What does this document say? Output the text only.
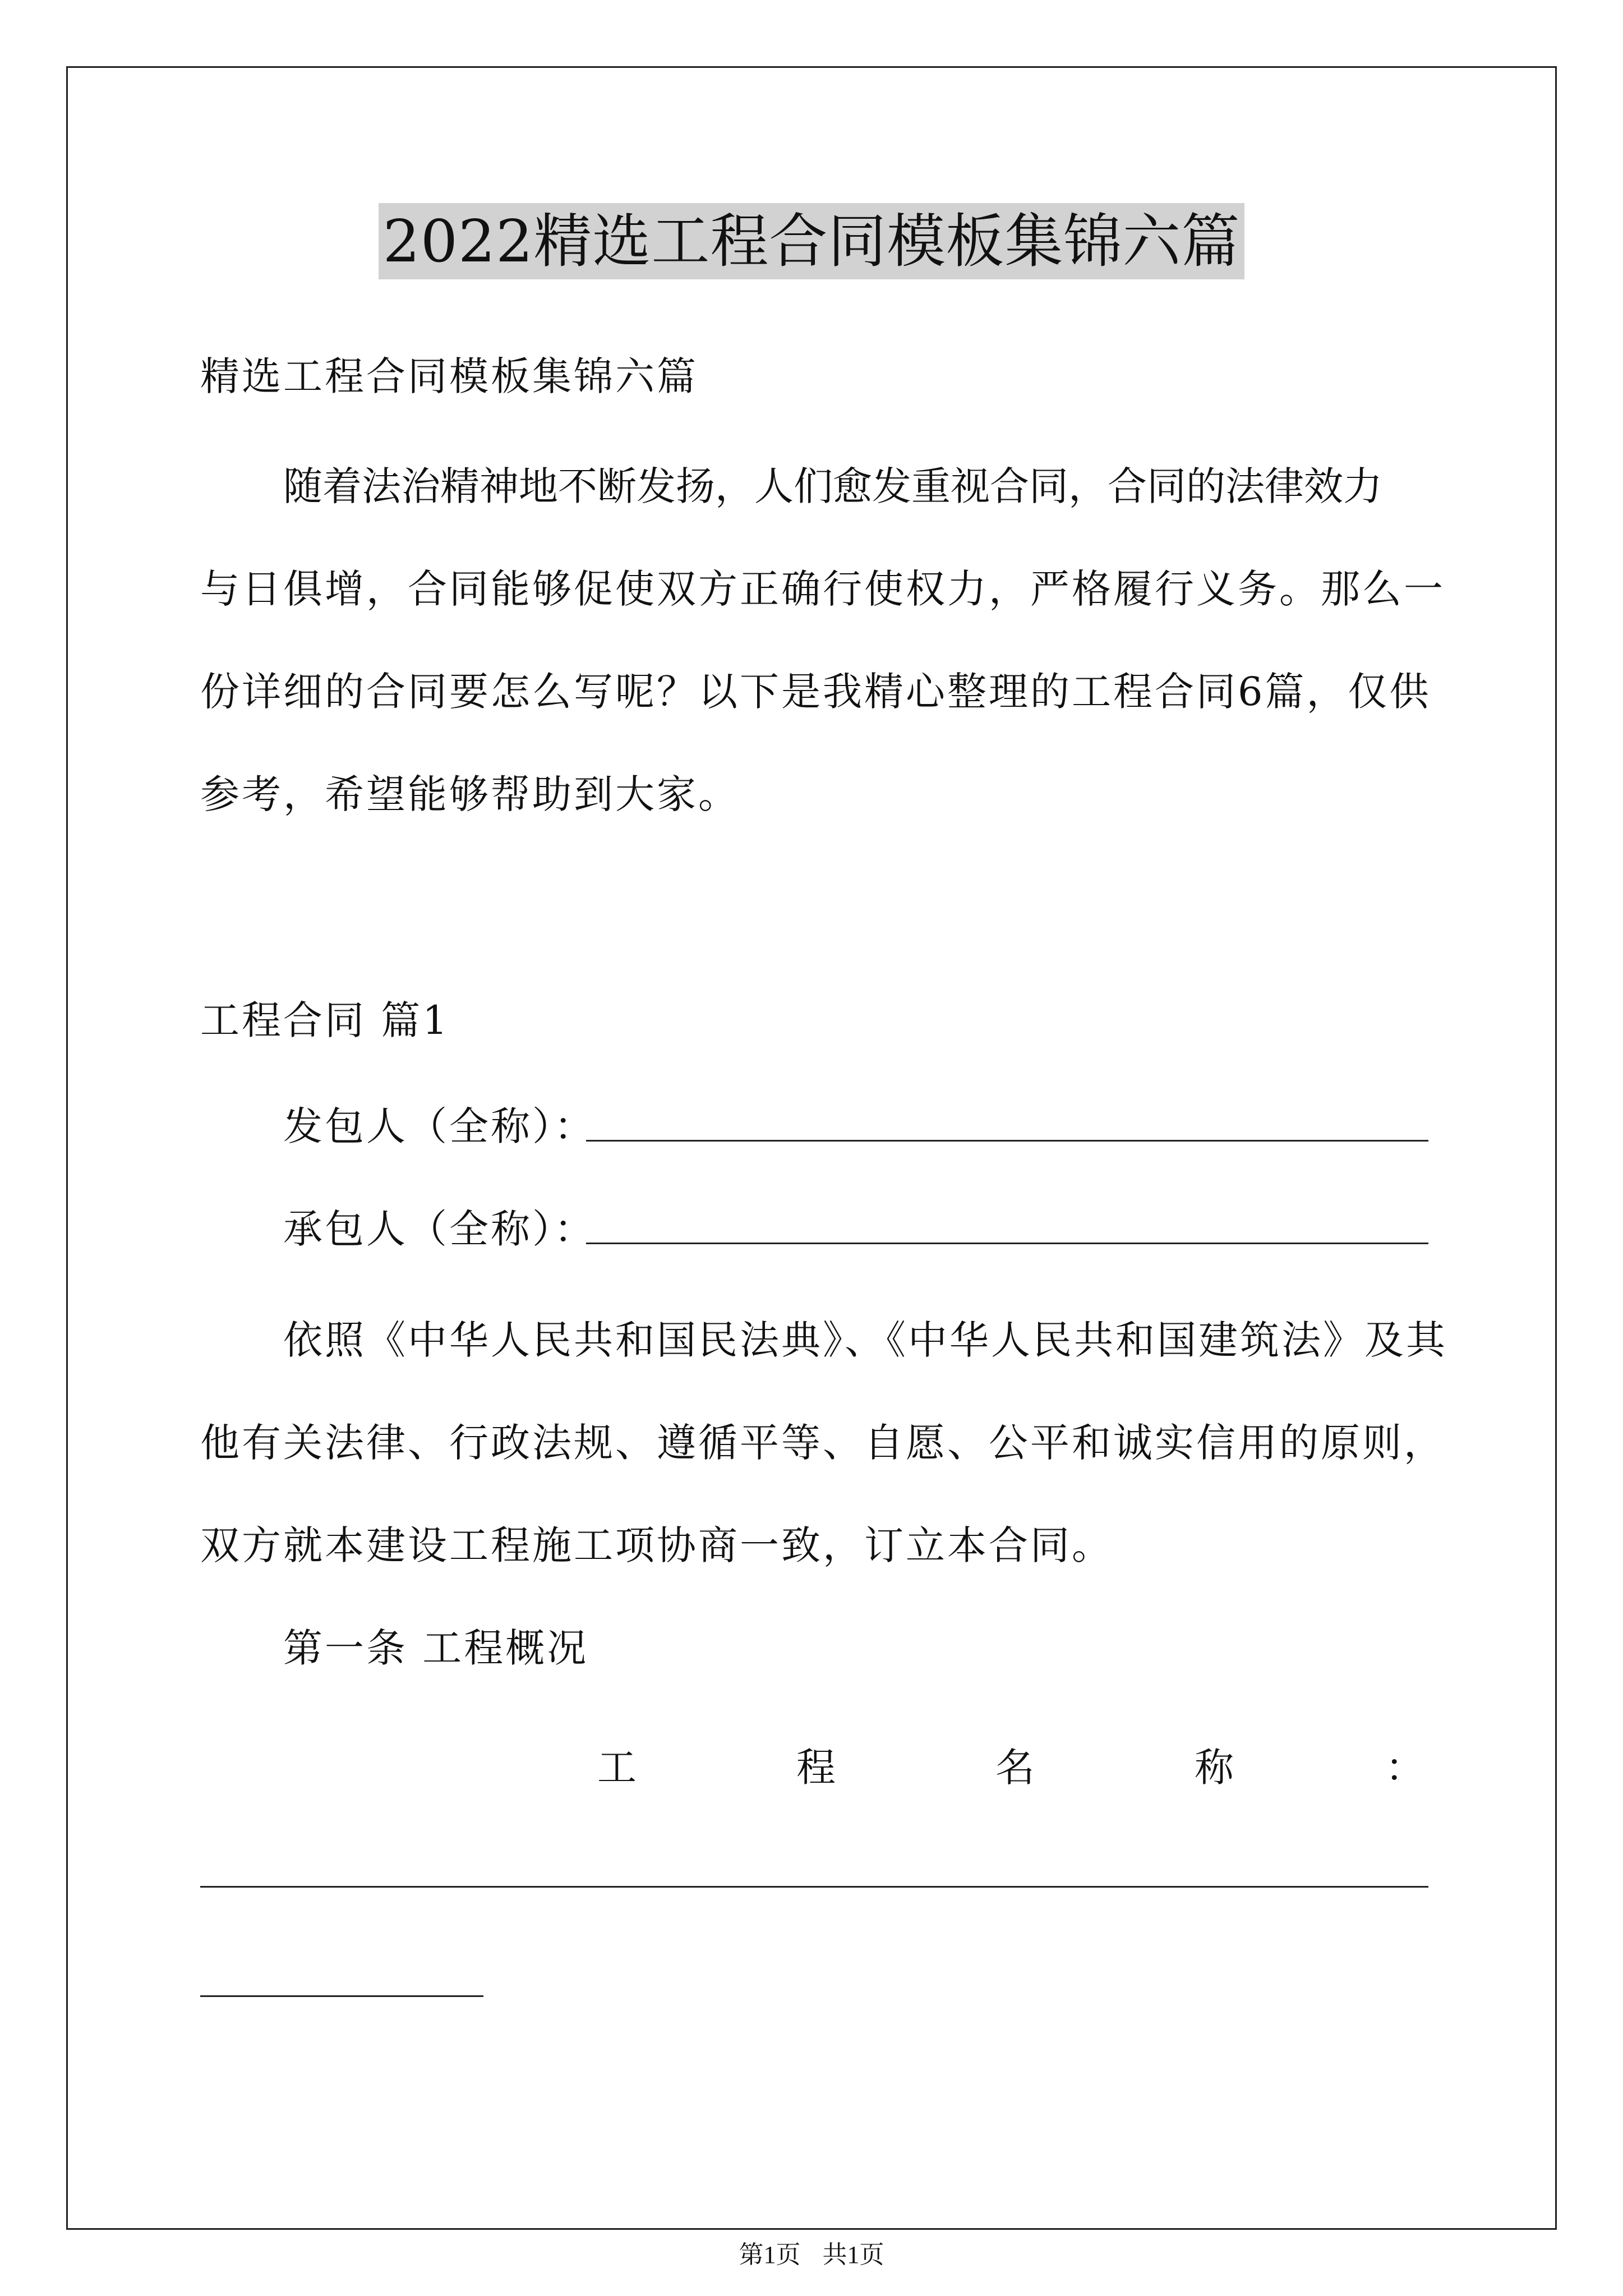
2022精选工程合同模板集锦六篇
精选工程合同模板集锦六篇
随着法治精神地不断发扬，人们愈发重视合同，合同的法律效力
与日俱增，合同能够促使双方正确行使权力，严格履行义务。那么一
份详细的合同要怎么写呢？以下是我精心整理的工程合同6篇，仅供
参考，希望能够帮助到大家。
工程合同 篇1
发包人（全称）：
承包人（全称）：
依照《中华人民共和国民法典》、《中华人民共和国建筑法》及其
他有关法律、行政法规、遵循平等、自愿、公平和诚实信用的原则，
双方就本建设工程施工项协商一致，订立本合同。
第一条 工程概况
工	程	名	称	：
第1页 共1页
